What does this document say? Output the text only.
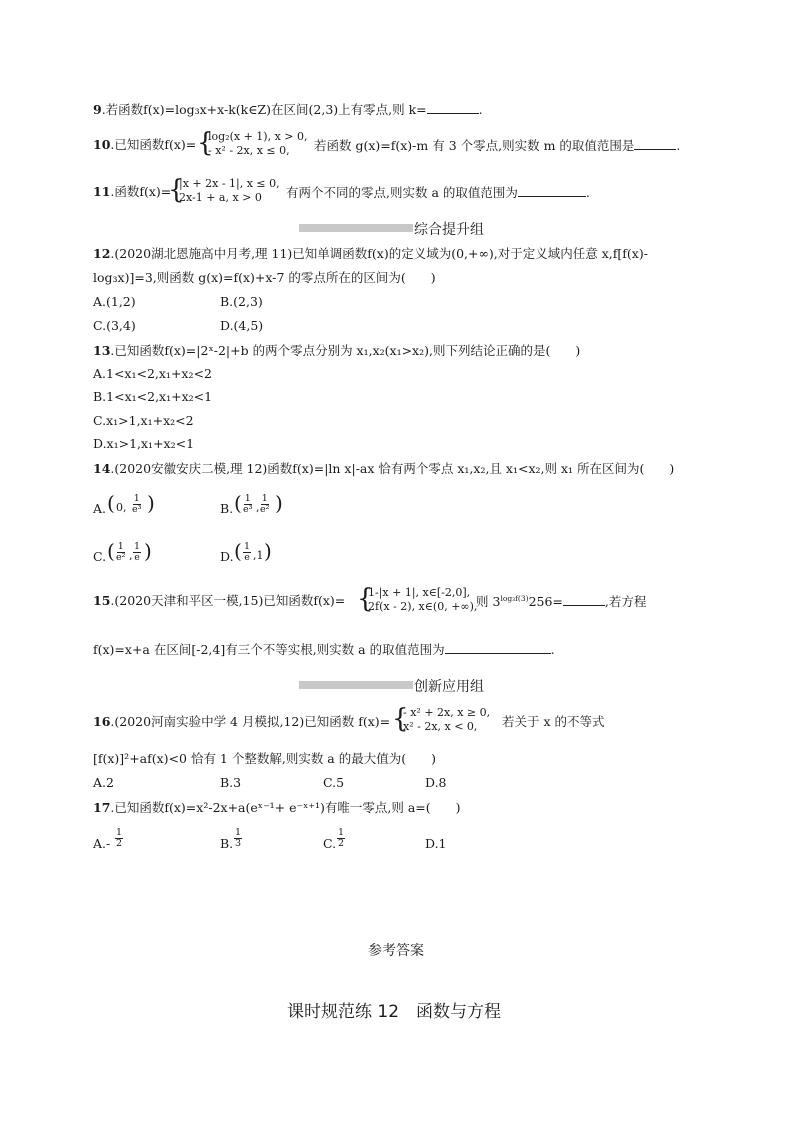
9.若函数f(x)=log₃x+x-k(k∈Z)在区间(2,3)上有零点,则 k=	.
10.已知函数f(x)= {
log₂(x + 1), x > 0,
- x² - 2x, x ≤ 0, 若函数 g(x)=f(x)-m 有 3 个零点,则实数 m 的取值范围是	.
11.函数f(x)=
{
|x + 2x - 1|, x ≤ 0,
2x-1 + a, x > 0 有两个不同的零点,则实数 a 的取值范围为	.
综合提升组
12.(2020湖北恩施高中月考,理 11)已知单调函数f(x)的定义域为(0,+∞),对于定义域内任意 x,f[f(x)-
log₃x)]=3,则函数 g(x)=f(x)+x-7 的零点所在的区间为(　　)
A.(1,2)	B.(2,3)
C.(3,4)	D.(4,5)
13.已知函数f(x)=|2ˣ-2|+b 的两个零点分别为 x₁,x₂(x₁>x₂),则下列结论正确的是(　　)
A.1<x₁<2,x₁+x₂<2
B.1<x₁<2,x₁+x₂<1
C.x₁>1,x₁+x₂<2
D.x₁>1,x₁+x₂<1
14.(2020安徽安庆二模,理 12)函数f(x)=|ln x|-ax 恰有两个零点 x₁,x₂,且 x₁<x₂,则 x₁ 所在区间为(　　)
A. ( 0, $\frac{1}{\text{e³}}$ )	B. ( $\frac{1}{\text{e³}}$ , $\frac{1}{\text{e²}}$ )
C. ( $\frac{1}{\text{e²}}$ , $\frac{1}{e}$ )	D. ( $\frac{1}{e} ,1$ )
15.(2020天津和平区一模,15)已知函数f(x)= {
1-|x + 1|, x∈[-2,0],
2f(x - 2), x∈(0, +∞),
则 $3^{log_3f(3)}256=$	,若方程
f(x)=x+a 在区间[-2,4]有三个不等实根,则实数 a 的取值范围为	.
创新应用组
16.(2020河南实验中学 4 月模拟,12)已知函数 f(x)= {
- x² + 2x, x ≥ 0,
x² - 2x, x < 0, 若关于 x 的不等式
[f(x)]²+af(x)<0 恰有 1 个整数解,则实数 a 的最大值为(　　)
A.2	B.3	C.5	D.8
17.已知函数f(x)=x²-2x+a(eˣ⁻¹+ e⁻ˣ⁺¹)有唯一零点,则 a=(　　)
$A.- \frac{1}{2}$	B. $\frac{1}{3}$	C. $\frac{1}{2}$	D.1
参考答案
课时规范练 12　函数与方程
